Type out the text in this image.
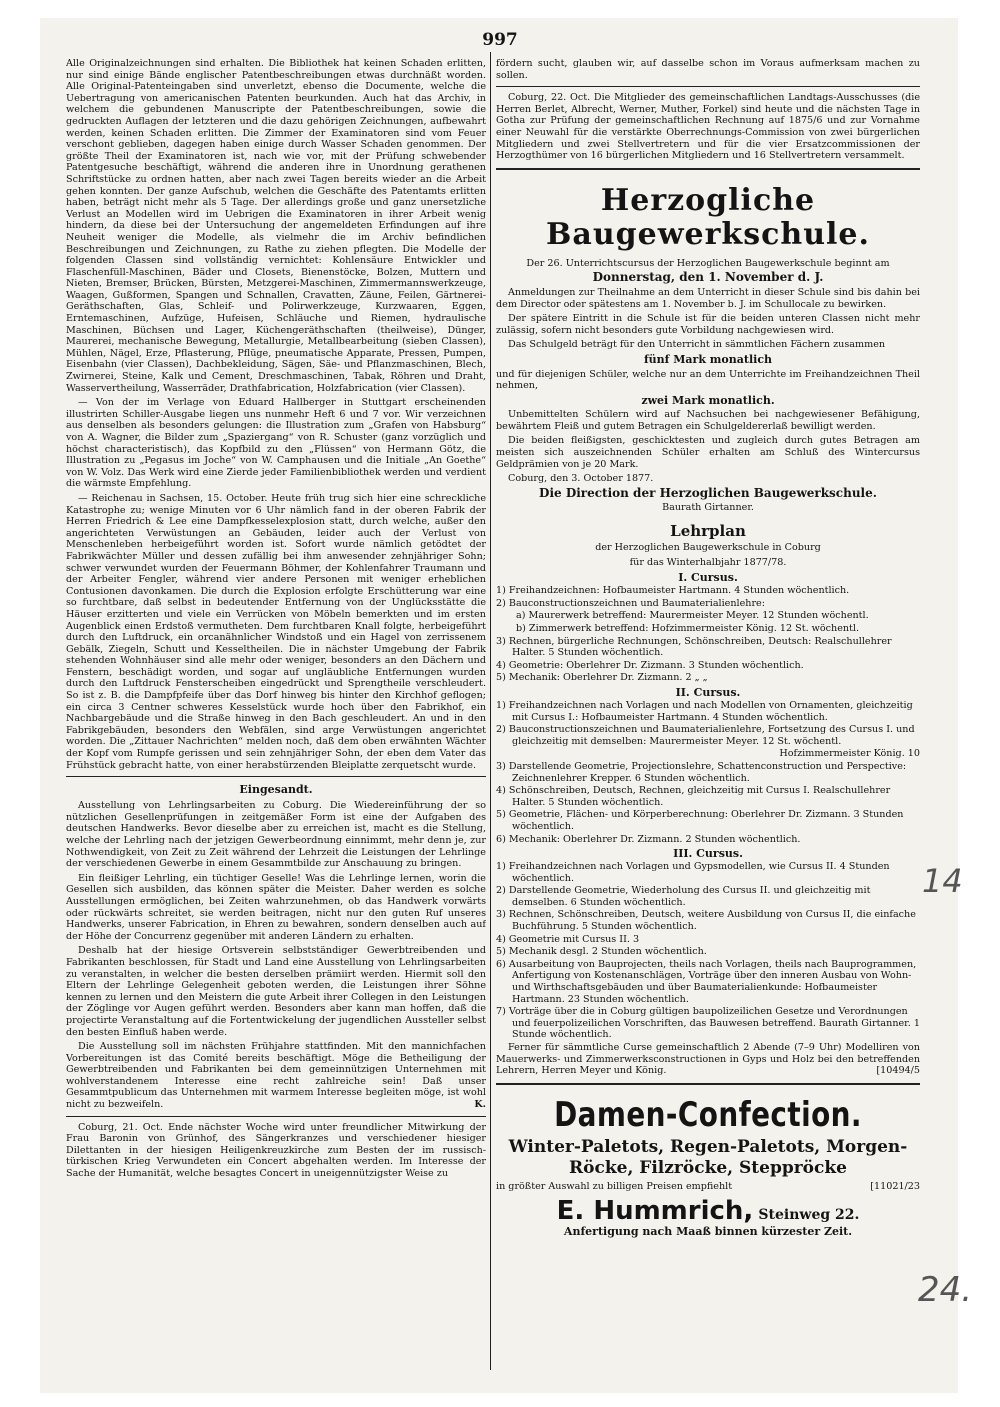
997

Alle Originalzeichnungen sind erhalten. Die Bibliothek hat keinen Schaden erlitten, nur sind einige Bände englischer Patentbeschreibungen etwas durchnäßt worden. Alle Original-Patenteingaben sind unverletzt, ebenso die Documente, welche die Uebertragung von americanischen Patenten beurkunden. Auch hat das Archiv, in welchem die gebundenen Manuscripte der Patentbeschreibungen, sowie die gedruckten Auflagen der letzteren und die dazu gehörigen Zeichnungen, aufbewahrt werden, keinen Schaden erlitten. Die Zimmer der Examinatoren sind vom Feuer verschont geblieben, dagegen haben einige durch Wasser Schaden genommen. Der größte Theil der Examinatoren ist, nach wie vor, mit der Prüfung schwebender Patentgesuche beschäftigt, während die anderen ihre in Unordnung gerathenen Schriftstücke zu ordnen hatten, aber nach zwei Tagen bereits wieder an die Arbeit gehen konnten. Der ganze Aufschub, welchen die Geschäfte des Patentamts erlitten haben, beträgt nicht mehr als 5 Tage. Der allerdings große und ganz unersetzliche Verlust an Modellen wird im Uebrigen die Examinatoren in ihrer Arbeit wenig hindern, da diese bei der Untersuchung der angemeldeten Erfindungen auf ihre Neuheit weniger die Modelle, als vielmehr die im Archiv befindlichen Beschreibungen und Zeichnungen, zu Rathe zu ziehen pflegten. Die Modelle der folgenden Classen sind vollständig vernichtet: Kohlensäure Entwickler und Flaschenfüll-Maschinen, Bäder und Closets, Bienenstöcke, Bolzen, Muttern und Nieten, Bremser, Brücken, Bürsten, Metzgerei-Maschinen, Zimmermannswerkzeuge, Waagen, Gußformen, Spangen und Schnallen, Cravatten, Zäune, Feilen, Gärtnerei-Geräthschaften, Glas, Schleif- und Polirwerkzeuge, Kurzwaaren, Eggen, Erntemaschinen, Aufzüge, Hufeisen, Schläuche und Riemen, hydraulische Maschinen, Büchsen und Lager, Küchengeräthschaften (theilweise), Dünger, Maurerei, mechanische Bewegung, Metallurgie, Metallbearbeitung (sieben Classen), Mühlen, Nägel, Erze, Pflasterung, Pflüge, pneumatische Apparate, Pressen, Pumpen, Eisenbahn (vier Classen), Dachbekleidung, Sägen, Säe- und Pflanzmaschinen, Blech, Zwirnerei, Steine, Kalk und Cement, Dreschmaschinen, Tabak, Röhren und Draht, Wasservertheilung, Wasserräder, Drathfabrication, Holzfabrication (vier Classen).

— Von der im Verlage von Eduard Hallberger in Stuttgart erscheinenden illustrirten Schiller-Ausgabe liegen uns nunmehr Heft 6 und 7 vor. Wir verzeichnen aus denselben als besonders gelungen: die Illustration zum „Grafen von Habsburg“ von A. Wagner, die Bilder zum „Spaziergang“ von R. Schuster (ganz vorzüglich und höchst characteristisch), das Kopfbild zu den „Flüssen“ von Hermann Götz, die Illustration zu „Pegasus im Joche“ von W. Camphausen und die Initiale „An Goethe“ von W. Volz. Das Werk wird eine Zierde jeder Familienbibliothek werden und verdient die wärmste Empfehlung.

— Reichenau in Sachsen, 15. October. Heute früh trug sich hier eine schreckliche Katastrophe zu; wenige Minuten vor 6 Uhr nämlich fand in der oberen Fabrik der Herren Friedrich & Lee eine Dampfkesselexplosion statt, durch welche, außer den angerichteten Verwüstungen an Gebäuden, leider auch der Verlust von Menschenleben herbeigeführt worden ist. Sofort wurde nämlich getödtet der Fabrikwächter Müller und dessen zufällig bei ihm anwesender zehnjähriger Sohn; schwer verwundet wurden der Feuermann Böhmer, der Kohlenfahrer Traumann und der Arbeiter Fengler, während vier andere Personen mit weniger erheblichen Contusionen davonkamen. Die durch die Explosion erfolgte Erschütterung war eine so furchtbare, daß selbst in bedeutender Entfernung von der Unglücksstätte die Häuser erzitterten und viele ein Verrücken von Möbeln bemerkten und im ersten Augenblick einen Erdstoß vermutheten. Dem furchtbaren Knall folgte, herbeigeführt durch den Luftdruck, ein orcanähnlicher Windstoß und ein Hagel von zerrissenem Gebälk, Ziegeln, Schutt und Kesseltheilen. Die in nächster Umgebung der Fabrik stehenden Wohnhäuser sind alle mehr oder weniger, besonders an den Dächern und Fenstern, beschädigt worden, und sogar auf ungläubliche Entfernungen wurden durch den Luftdruck Fensterscheiben eingedrückt und Sprengtheile verschleudert. So ist z. B. die Dampfpfeife über das Dorf hinweg bis hinter den Kirchhof geflogen; ein circa 3 Centner schweres Kesselstück wurde hoch über den Fabrikhof, ein Nachbargebäude und die Straße hinweg in den Bach geschleudert. An und in den Fabrikgebäuden, besonders den Webfälen, sind arge Verwüstungen angerichtet worden. Die „Zittauer Nachrichten“ melden noch, daß dem oben erwähnten Wächter der Kopf vom Rumpfe gerissen und sein zehnjähriger Sohn, der eben dem Vater das Frühstück gebracht hatte, von einer herabstürzenden Bleiplatte zerquetscht wurde.

Eingesandt.

Ausstellung von Lehrlingsarbeiten zu Coburg. Die Wiedereinführung der so nützlichen Gesellenprüfungen in zeitgemäßer Form ist eine der Aufgaben des deutschen Handwerks. Bevor dieselbe aber zu erreichen ist, macht es die Stellung, welche der Lehrling nach der jetzigen Gewerbeordnung einnimmt, mehr denn je, zur Nothwendigkeit, von Zeit zu Zeit während der Lehrzeit die Leistungen der Lehrlinge der verschiedenen Gewerbe in einem Gesammtbilde zur Anschauung zu bringen.

Ein fleißiger Lehrling, ein tüchtiger Geselle! Was die Lehrlinge lernen, worin die Gesellen sich ausbilden, das können später die Meister. Daher werden es solche Ausstellungen ermöglichen, bei Zeiten wahrzunehmen, ob das Handwerk vorwärts oder rückwärts schreitet, sie werden beitragen, nicht nur den guten Ruf unseres Handwerks, unserer Fabrication, in Ehren zu bewahren, sondern denselben auch auf der Höhe der Concurrenz gegenüber mit anderen Ländern zu erhalten.

Deshalb hat der hiesige Ortsverein selbstständiger Gewerbtreibenden und Fabrikanten beschlossen, für Stadt und Land eine Ausstellung von Lehrlingsarbeiten zu veranstalten, in welcher die besten derselben prämiirt werden. Hiermit soll den Eltern der Lehrlinge Gelegenheit geboten werden, die Leistungen ihrer Söhne kennen zu lernen und den Meistern die gute Arbeit ihrer Collegen in den Leistungen der Zöglinge vor Augen geführt werden. Besonders aber kann man hoffen, daß die projectirte Veranstaltung auf die Fortentwickelung der jugendlichen Aussteller selbst den besten Einfluß haben werde.

Die Ausstellung soll im nächsten Frühjahre stattfinden. Mit den mannichfachen Vorbereitungen ist das Comité bereits beschäftigt. Möge die Betheiligung der Gewerbtreibenden und Fabrikanten bei dem gemeinnützigen Unternehmen mit wohlverstandenem Interesse eine recht zahlreiche sein! Daß unser Gesammtpublicum das Unternehmen mit warmem Interesse begleiten möge, ist wohl nicht zu bezweifeln.	K.

Coburg, 21. Oct. Ende nächster Woche wird unter freundlicher Mitwirkung der Frau Baronin von Grünhof, des Sängerkranzes und verschiedener hiesiger Dilettanten in der hiesigen Heiligenkreuzkirche zum Besten der im russisch-türkischen Krieg Verwundeten ein Concert abgehalten werden. Im Interesse der Sache der Humanität, welche besagtes Concert in uneigennützigster Weise zu

fördern sucht, glauben wir, auf dasselbe schon im Voraus aufmerksam machen zu sollen.

Coburg, 22. Oct. Die Mitglieder des gemeinschaftlichen Landtags-Ausschusses (die Herren Berlet, Albrecht, Werner, Muther, Forkel) sind heute und die nächsten Tage in Gotha zur Prüfung der gemeinschaftlichen Rechnung auf 1875/6 und zur Vornahme einer Neuwahl für die verstärkte Oberrechnungs-Commission von zwei bürgerlichen Mitgliedern und zwei Stellvertretern und für die vier Ersatzcommissionen der Herzogthümer von 16 bürgerlichen Mitgliedern und 16 Stellvertretern versammelt.

Herzogliche Baugewerkschule.

Der 26. Unterrichtscursus der Herzoglichen Baugewerkschule beginnt am

Donnerstag, den 1. November d. J.

Anmeldungen zur Theilnahme an dem Unterricht in dieser Schule sind bis dahin bei dem Director oder spätestens am 1. November b. J. im Schullocale zu bewirken.

Der spätere Eintritt in die Schule ist für die beiden unteren Classen nicht mehr zulässig, sofern nicht besonders gute Vorbildung nachgewiesen wird.

Das Schulgeld beträgt für den Unterricht in sämmtlichen Fächern zusammen

fünf Mark monatlich

und für diejenigen Schüler, welche nur an dem Unterrichte im Freihandzeichnen Theil nehmen,

zwei Mark monatlich.

Unbemittelten Schülern wird auf Nachsuchen bei nachgewiesener Befähigung, bewährtem Fleiß und gutem Betragen ein Schulgeldererlaß bewilligt werden.

Die beiden fleißigsten, geschicktesten und zugleich durch gutes Betragen am meisten sich auszeichnenden Schüler erhalten am Schluß des Wintercursus Geldprämien von je 20 Mark.

Coburg, den 3. October 1877.

Die Direction der Herzoglichen Baugewerkschule.

Baurath Girtanner.

Lehrplan

der Herzoglichen Baugewerkschule in Coburg

für das Winterhalbjahr 1877/78.

I. Cursus.
1) Freihandzeichnen: Hofbaumeister Hartmann. 4 Stunden wöchentlich.
2) Bauconstructionszeichnen und Baumaterialienlehre:
a) Maurerwerk betreffend: Maurermeister Meyer. 12 Stunden wöchentl.
b) Zimmerwerk betreffend: Hofzimmermeister König. 12 St. wöchentl.
3) Rechnen, bürgerliche Rechnungen, Schönschreiben, Deutsch: Realschullehrer Halter. 5 Stunden wöchentlich.
4) Geometrie: Oberlehrer Dr. Zizmann. 3 Stunden wöchentlich.
5) Mechanik: Oberlehrer Dr. Zizmann. 2 „ „
II. Cursus.
1) Freihandzeichnen nach Vorlagen und nach Modellen von Ornamenten, gleichzeitig mit Cursus I.: Hofbaumeister Hartmann. 4 Stunden wöchentlich.
2) Bauconstructionszeichnen und Baumaterialienlehre, Fortsetzung des Cursus I. und gleichzeitig mit demselben: Maurermeister Meyer. 12 St. wöchentl.
Hofzimmermeister König. 10
3) Darstellende Geometrie, Projectionslehre, Schattenconstruction und Perspective: Zeichnenlehrer Krepper. 6 Stunden wöchentlich.
4) Schönschreiben, Deutsch, Rechnen, gleichzeitig mit Cursus I. Realschullehrer Halter. 5 Stunden wöchentlich.
5) Geometrie, Flächen- und Körperberechnung: Oberlehrer Dr. Zizmann. 3 Stunden wöchentlich.
6) Mechanik: Oberlehrer Dr. Zizmann. 2 Stunden wöchentlich.
III. Cursus.
1) Freihandzeichnen nach Vorlagen und Gypsmodellen, wie Cursus II. 4 Stunden wöchentlich.
2) Darstellende Geometrie, Wiederholung des Cursus II. und gleichzeitig mit demselben. 6 Stunden wöchentlich.
3) Rechnen, Schönschreiben, Deutsch, weitere Ausbildung von Cursus II, die einfache Buchführung. 5 Stunden wöchentlich.
4) Geometrie mit Cursus II. 3
5) Mechanik desgl. 2 Stunden wöchentlich.
6) Ausarbeitung von Bauprojecten, theils nach Vorlagen, theils nach Bauprogrammen, Anfertigung von Kostenanschlägen, Vorträge über den inneren Ausbau von Wohn- und Wirthschaftsgebäuden und über Baumaterialienkunde: Hofbaumeister Hartmann. 23 Stunden wöchentlich.
7) Vorträge über die in Coburg gültigen baupolizeilichen Gesetze und Verordnungen und feuerpolizeilichen Vorschriften, das Bauwesen betreffend. Baurath Girtanner. 1 Stunde wöchentlich.

Ferner für sämmtliche Curse gemeinschaftlich 2 Abende (7–9 Uhr) Modelliren von Mauerwerks- und Zimmerwerksconstructionen in Gyps und Holz bei den betreffenden Lehrern, Herren Meyer und König.	[10494/5

Damen-Confection.
Winter-Paletots, Regen-Paletots, Morgen-Röcke, Filzröcke, Steppröcke

in größter Auswahl zu billigen Preisen empfiehlt	[11021/23

E. Hummrich, Steinweg 22.

Anfertigung nach Maaß binnen kürzester Zeit.

14
24.
